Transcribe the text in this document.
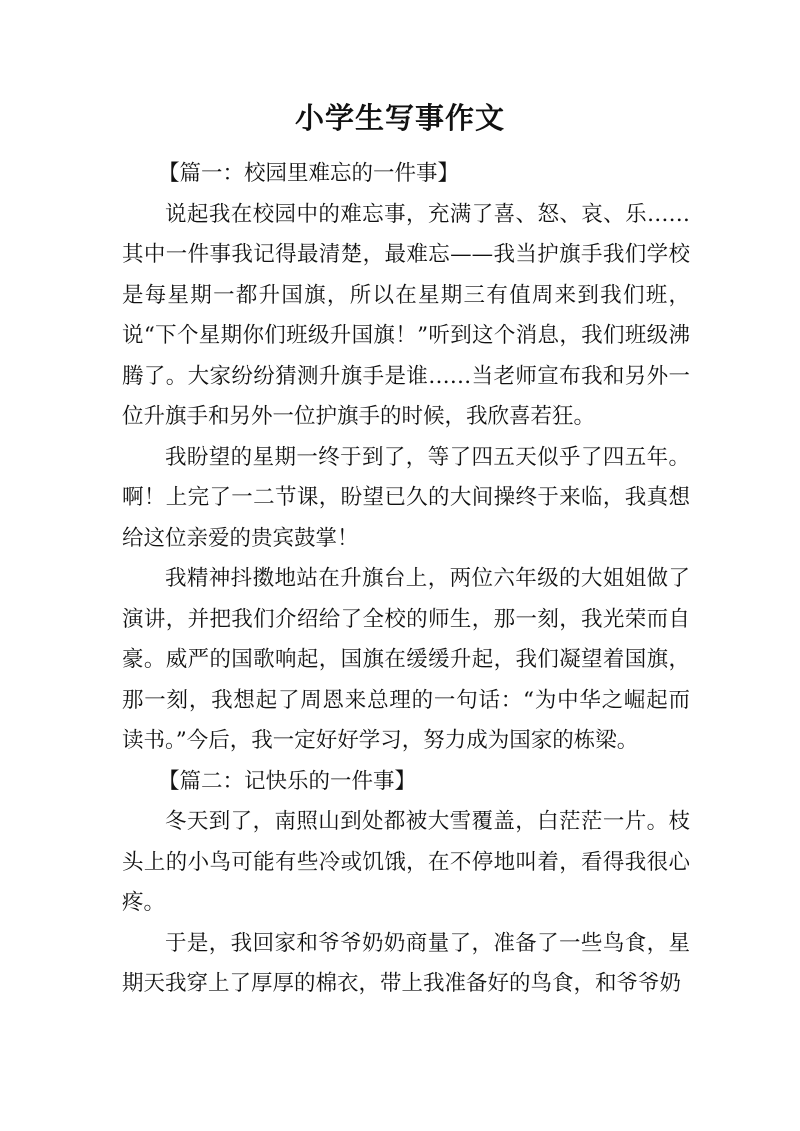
小学生写事作文

【篇一：校园里难忘的一件事】

说起我在校园中的难忘事，充满了喜、怒、哀、乐……其中一件事我记得最清楚，最难忘——我当护旗手我们学校是每星期一都升国旗，所以在星期三有值周来到我们班，说“下个星期你们班级升国旗！”听到这个消息，我们班级沸腾了。大家纷纷猜测升旗手是谁……当老师宣布我和另外一位升旗手和另外一位护旗手的时候，我欣喜若狂。

我盼望的星期一终于到了，等了四五天似乎了四五年。啊！上完了一二节课，盼望已久的大间操终于来临，我真想给这位亲爱的贵宾鼓掌！

我精神抖擞地站在升旗台上，两位六年级的大姐姐做了演讲，并把我们介绍给了全校的师生，那一刻，我光荣而自豪。威严的国歌响起，国旗在缓缓升起，我们凝望着国旗，那一刻，我想起了周恩来总理的一句话：“为中华之崛起而读书。”今后，我一定好好学习，努力成为国家的栋梁。

【篇二：记快乐的一件事】

冬天到了，南照山到处都被大雪覆盖，白茫茫一片。枝头上的小鸟可能有些冷或饥饿，在不停地叫着，看得我很心疼。

于是，我回家和爷爷奶奶商量了，准备了一些鸟食，星期天我穿上了厚厚的棉衣，带上我准备好的鸟食，和爷爷奶
